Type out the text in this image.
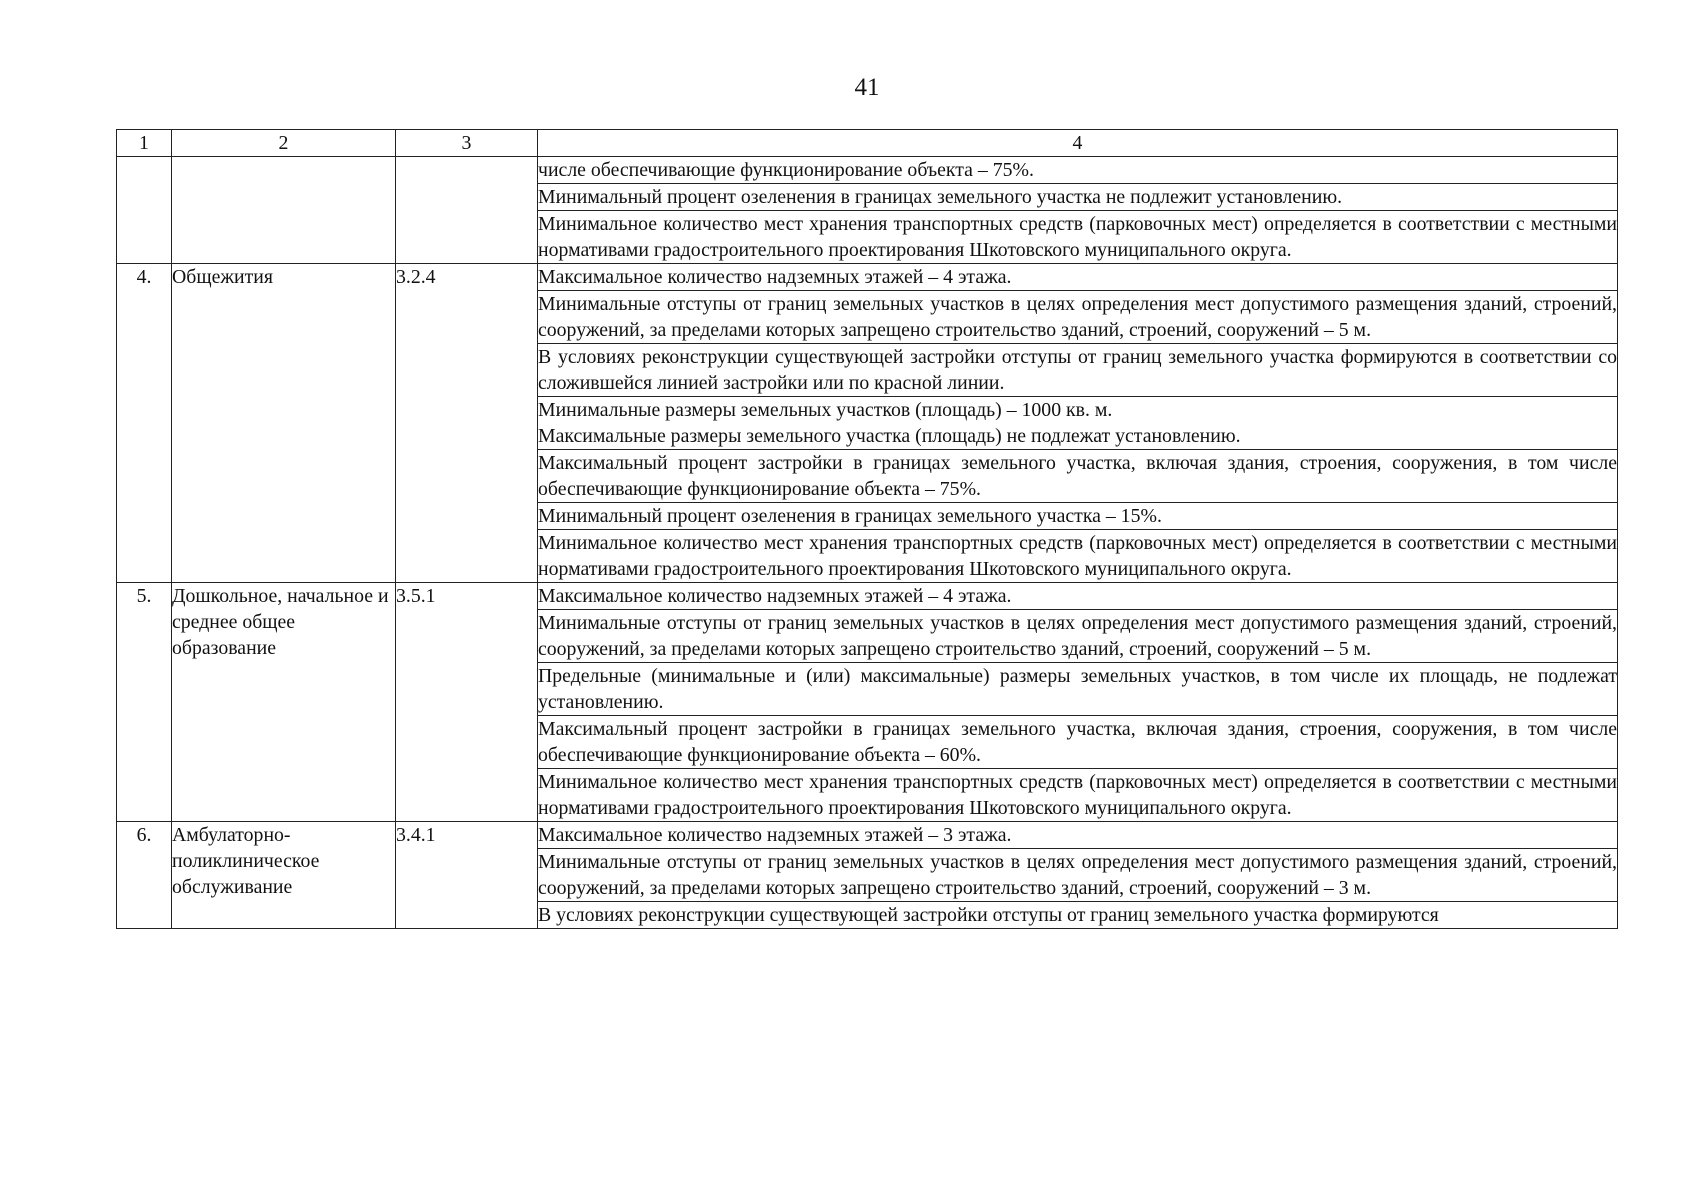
41
1	2	3	4

			числе обеспечивающие функционирование объекта – 75%.

			Минимальный процент озеленения в границах земельного участка не подлежит установлению.

			Минимальное количество мест хранения транспортных средств (парковочных мест) определяется в соответствии с местными нормативами градостроительного проектирования Шкотовского муниципального округа.

4.	Общежития	3.2.4	Максимальное количество надземных этажей – 4 этажа.

			Минимальные отступы от границ земельных участков в целях определения мест допустимого размещения зданий, строений, сооружений, за пределами которых запрещено строительство зданий, строений, сооружений – 5 м.

			В условиях реконструкции существующей застройки отступы от границ земельного участка формируются в соответствии со сложившейся линией застройки или по красной линии.

			Минимальные размеры земельных участков (площадь) – 1000 кв. м.
Максимальные размеры земельного участка (площадь) не подлежат установлению.

			Максимальный процент застройки в границах земельного участка, включая здания, строения, сооружения, в том числе обеспечивающие функционирование объекта – 75%.

			Минимальный процент озеленения в границах земельного участка – 15%.

			Минимальное количество мест хранения транспортных средств (парковочных мест) определяется в соответствии с местными нормативами градостроительного проектирования Шкотовского муниципального округа.

5.	Дошкольное, начальное и среднее общее образование	3.5.1	Максимальное количество надземных этажей – 4 этажа.

			Минимальные отступы от границ земельных участков в целях определения мест допустимого размещения зданий, строений, сооружений, за пределами которых запрещено строительство зданий, строений, сооружений – 5 м.

			Предельные (минимальные и (или) максимальные) размеры земельных участков, в том числе их площадь, не подлежат установлению.

			Максимальный процент застройки в границах земельного участка, включая здания, строения, сооружения, в том числе обеспечивающие функционирование объекта – 60%.

			Минимальное количество мест хранения транспортных средств (парковочных мест) определяется в соответствии с местными нормативами градостроительного проектирования Шкотовского муниципального округа.

6.	Амбулаторно-поликлиническое обслуживание	3.4.1	Максимальное количество надземных этажей – 3 этажа.

			Минимальные отступы от границ земельных участков в целях определения мест допустимого размещения зданий, строений, сооружений, за пределами которых запрещено строительство зданий, строений, сооружений – 3 м.

			В условиях реконструкции существующей застройки отступы от границ земельного участка формируются
